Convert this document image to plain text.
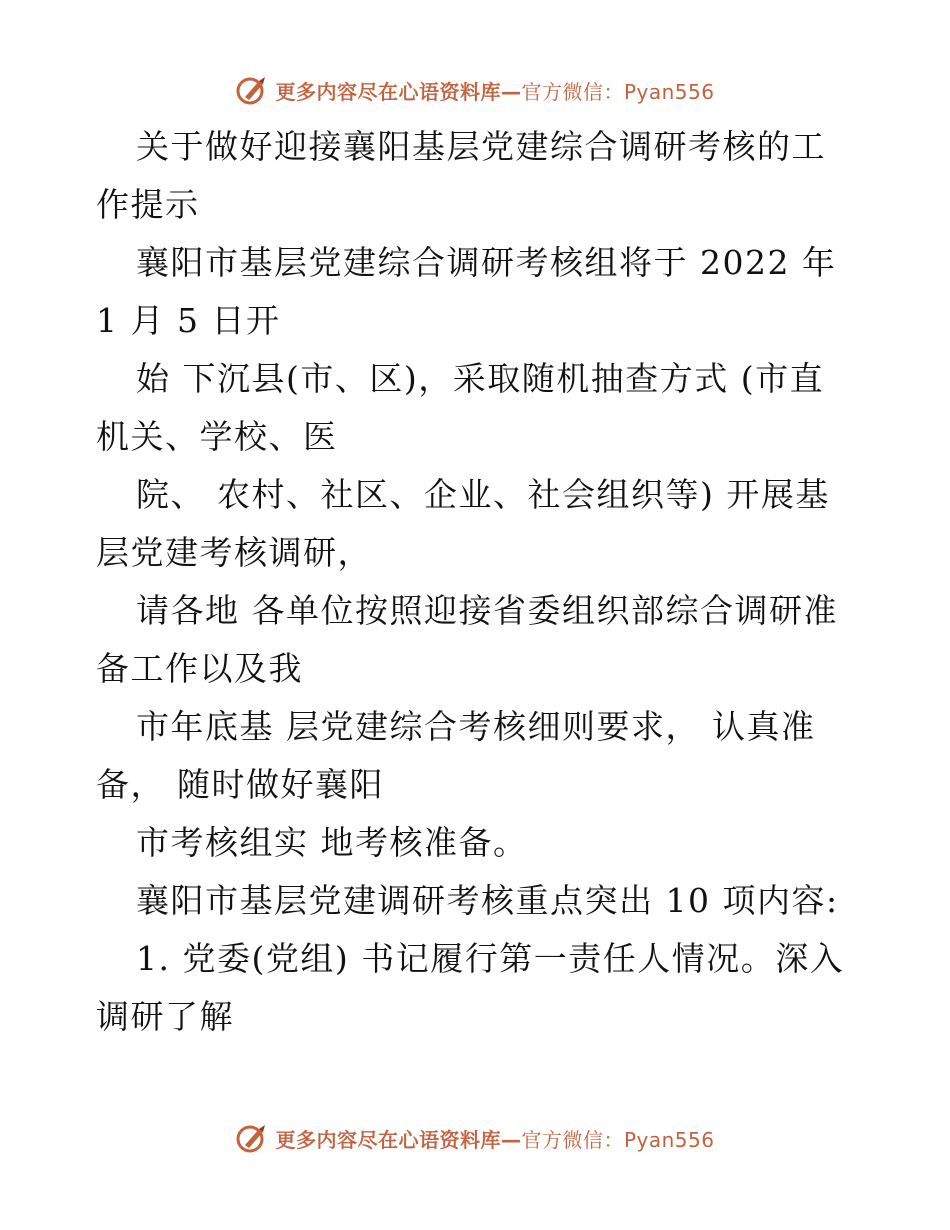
更多内容尽在心语资料库—官方微信：Pyan556

关于做好迎接襄阳基层党建综合调研考核的工作提示

襄阳市基层党建综合调研考核组将于 2022 年 1 月 5 日开

始 下沉县(市、区)，采取随机抽查方式 (市直机关、学校、医

院、 农村、社区、企业、社会组织等) 开展基层党建考核调研，

请各地 各单位按照迎接省委组织部综合调研准备工作以及我

市年底基 层党建综合考核细则要求， 认真准备， 随时做好襄阳

市考核组实 地考核准备。

襄阳市基层党建调研考核重点突出 10 项内容:

1. 党委(党组) 书记履行第一责任人情况。深入调研了解

更多内容尽在心语资料库—官方微信：Pyan556
